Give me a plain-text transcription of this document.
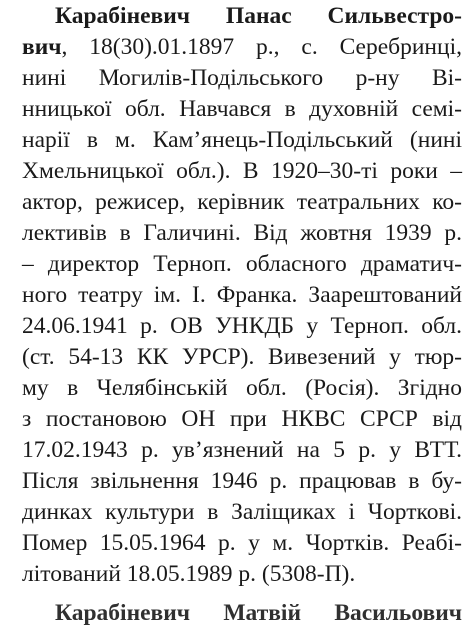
Карабіневич Панас Сильвестро-
вич, 18(30).01.1897 р., с. Серебринці,
нині Могилів-Подільського р-ну Ві-
нницької обл. Навчався в духовній семі-
нарії в м. Кам’янець-Подільський (нині
Хмельницької обл.). В 1920–30-ті роки –
актор, режисер, керівник театральних ко-
лективів в Галичині. Від жовтня 1939 р.
– директор Терноп. обласного драматич-
ного театру ім. І. Франка. Заарештований
24.06.1941 р. ОВ УНКДБ у Терноп. обл.
(ст. 54-13 КК УРСР). Вивезений у тюр-
му в Челябінській обл. (Росія). Згідно
з постановою ОН при НКВС СРСР від
17.02.1943 р. ув’язнений на 5 р. у ВТТ.
Після звільнення 1946 р. працював в бу-
динках культури в Заліщиках і Чорткові.
Помер 15.05.1964 р. у м. Чортків. Реабі-
літований 18.05.1989 р. (5308-П).
Карабіневич Матвій Васильович
